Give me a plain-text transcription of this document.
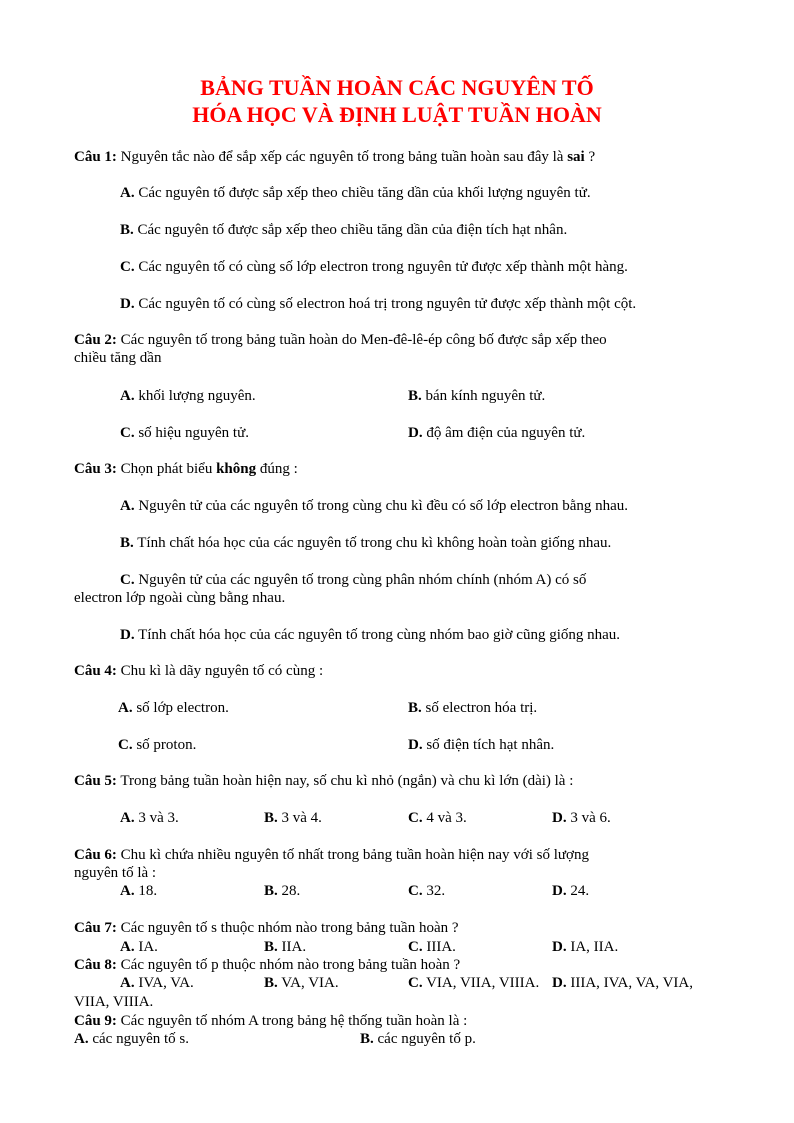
BẢNG TUẦN HOÀN CÁC NGUYÊN TỐ
HÓA HỌC VÀ ĐỊNH LUẬT TUẦN HOÀN
Câu 1: Nguyên tắc nào để sắp xếp các nguyên tố trong bảng tuần hoàn sau đây là sai ?
A. Các nguyên tố được sắp xếp theo chiều tăng dần của khối lượng nguyên tử.
B. Các nguyên tố được sắp xếp theo chiều tăng dần của điện tích hạt nhân.
C. Các nguyên tố có cùng số lớp electron trong nguyên tử được xếp thành một hàng.
D. Các nguyên tố có cùng số electron hoá trị trong nguyên tử được xếp thành một cột.
Câu 2: Các nguyên tố trong bảng tuần hoàn do Men-đê-lê-ép công bố được sắp xếp theo
chiều tăng dần
A. khối lượng nguyên.	B. bán kính nguyên tử.
C. số hiệu nguyên tử.	D. độ âm điện của nguyên tử.
Câu 3: Chọn phát biểu không đúng :
A. Nguyên tử của các nguyên tố trong cùng chu kì đều có số lớp electron bằng nhau.
B. Tính chất hóa học của các nguyên tố trong chu kì không hoàn toàn giống nhau.
C. Nguyên tử của các nguyên tố trong cùng phân nhóm chính (nhóm A) có số
electron lớp ngoài cùng bằng nhau.
D. Tính chất hóa học của các nguyên tố trong cùng nhóm bao giờ cũng giống nhau.
Câu 4: Chu kì là dãy nguyên tố có cùng :
A. số lớp electron.	B. số electron hóa trị.
C. số proton.	D. số điện tích hạt nhân.
Câu 5: Trong bảng tuần hoàn hiện nay, số chu kì nhỏ (ngắn) và chu kì lớn (dài) là :
A. 3 và 3.	B. 3 và 4.	C. 4 và 3.	D. 3 và 6.
Câu 6: Chu kì chứa nhiều nguyên tố nhất trong bảng tuần hoàn hiện nay với số lượng
nguyên tố là :
A. 18.	B. 28.	C. 32.	D. 24.
Câu 7: Các nguyên tố s thuộc nhóm nào trong bảng tuần hoàn ?
A. IA.	B. IIA.	C. IIIA.	D. IA, IIA.
Câu 8: Các nguyên tố p thuộc nhóm nào trong bảng tuần hoàn ?
A. IVA, VA.	B. VA, VIA.	C. VIA, VIIA, VIIIA. D. IIIA, IVA, VA, VIA,
VIIA, VIIIA.
Câu 9: Các nguyên tố nhóm A trong bảng hệ thống tuần hoàn là :
A. các nguyên tố s.	B. các nguyên tố p.
